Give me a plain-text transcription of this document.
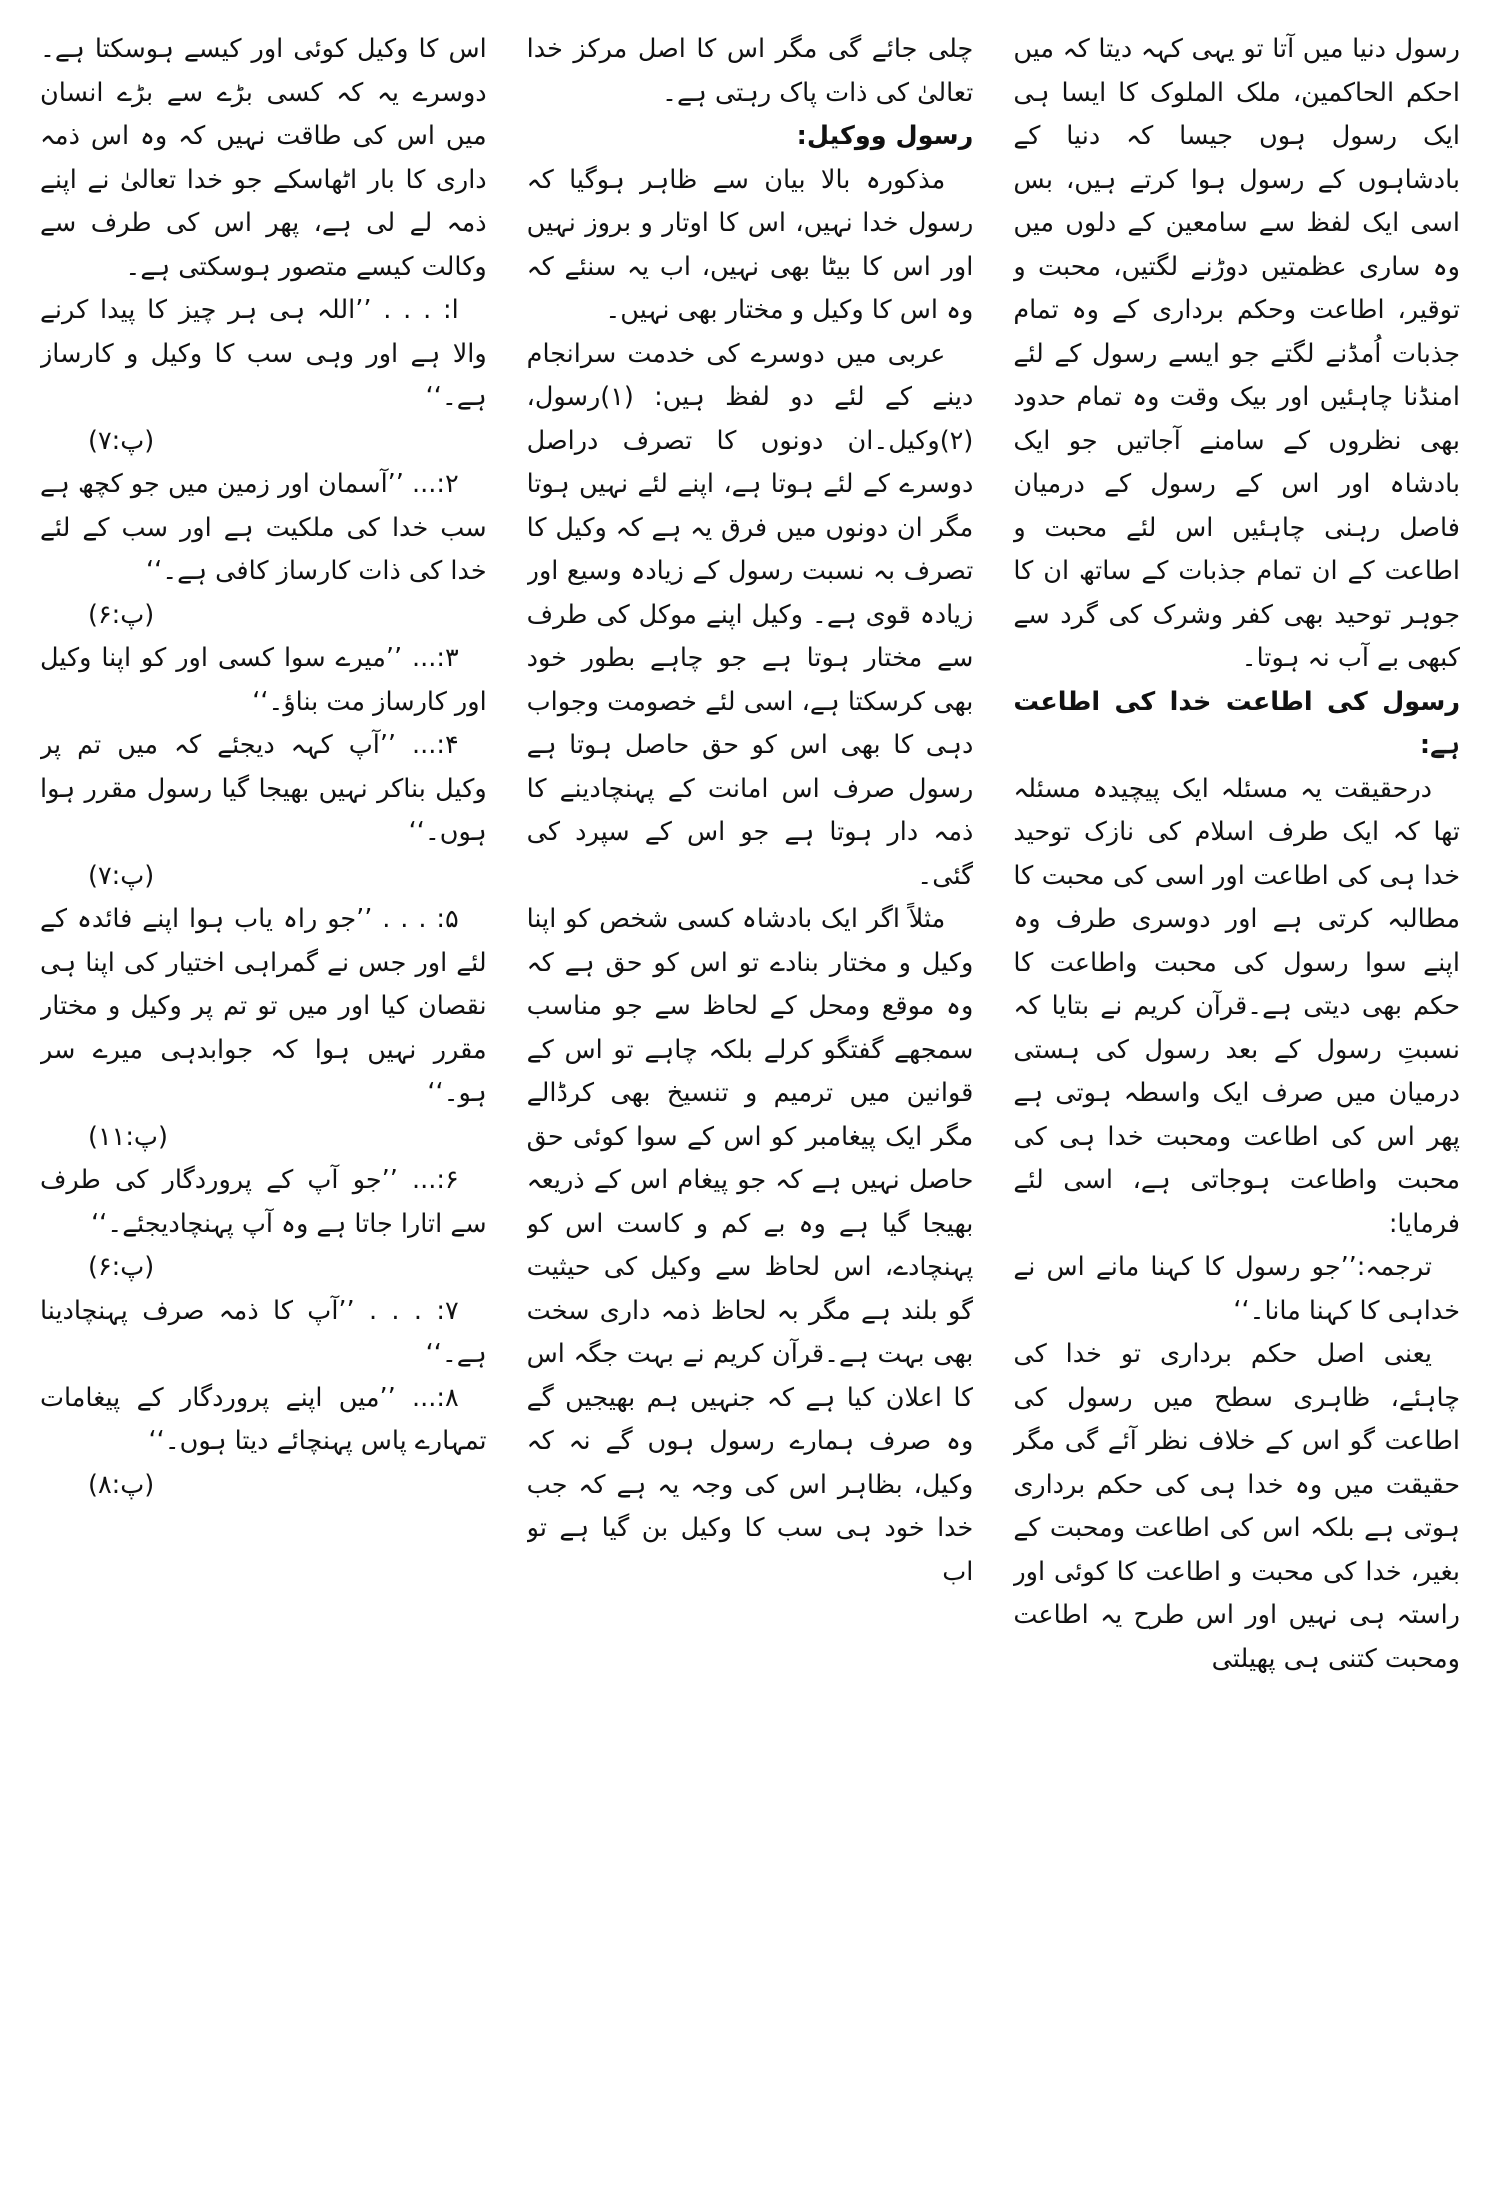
رسول دنیا میں آتا تو یہی کہہ دیتا کہ میں احکم الحاکمین، ملک الملوک کا ایسا ہی ایک رسول ہوں جیسا کہ دنیا کے بادشاہوں کے رسول ہوا کرتے ہیں، بس اسی ایک لفظ سے سامعین کے دلوں میں وہ ساری عظمتیں دوڑنے لگتیں، محبت و توقیر، اطاعت وحکم برداری کے وہ تمام جذبات اُمڈنے لگتے جو ایسے رسول کے لئے امنڈنا چاہئیں اور بیک وقت وہ تمام حدود بھی نظروں کے سامنے آجاتیں جو ایک بادشاہ اور اس کے رسول کے درمیان فاصل رہنی چاہئیں اس لئے محبت و اطاعت کے ان تمام جذبات کے ساتھ ان کا جوہر توحید بھی کفر وشرک کی گرد سے کبھی بے آب نہ ہوتا۔

رسول کی اطاعت خدا کی اطاعت ہے:

درحقیقت یہ مسئلہ ایک پیچیدہ مسئلہ تھا کہ ایک طرف اسلام کی نازک توحید خدا ہی کی اطاعت اور اسی کی محبت کا مطالبہ کرتی ہے اور دوسری طرف وہ اپنے سوا رسول کی محبت واطاعت کا حکم بھی دیتی ہے۔قرآن کریم نے بتایا کہ نسبتِ رسول کے بعد رسول کی ہستی درمیان میں صرف ایک واسطہ ہوتی ہے پھر اس کی اطاعت ومحبت خدا ہی کی محبت واطاعت ہوجاتی ہے، اسی لئے فرمایا:

ترجمہ:’’جو رسول کا کہنا مانے اس نے خداہی کا کہنا مانا۔‘‘

یعنی اصل حکم برداری تو خدا کی چاہئے، ظاہری سطح میں رسول کی اطاعت گو اس کے خلاف نظر آئے گی مگر حقیقت میں وہ خدا ہی کی حکم برداری ہوتی ہے بلکہ اس کی اطاعت ومحبت کے بغیر، خدا کی محبت و اطاعت کا کوئی اور راستہ ہی نہیں اور اس طرح یہ اطاعت ومحبت کتنی ہی پھیلتی

چلی جائے گی مگر اس کا اصل مرکز خدا تعالیٰ کی ذات پاک رہتی ہے۔

رسول ووکیل:

مذکورہ بالا بیان سے ظاہر ہوگیا کہ رسول خدا نہیں، اس کا اوتار و بروز نہیں اور اس کا بیٹا بھی نہیں، اب یہ سنئے کہ وہ اس کا وکیل و مختار بھی نہیں۔

عربی میں دوسرے کی خدمت سرانجام دینے کے لئے دو لفظ ہیں: (۱)رسول، (۲)وکیل۔ان دونوں کا تصرف دراصل دوسرے کے لئے ہوتا ہے، اپنے لئے نہیں ہوتا مگر ان دونوں میں فرق یہ ہے کہ وکیل کا تصرف بہ نسبت رسول کے زیادہ وسیع اور زیادہ قوی ہے۔ وکیل اپنے موکل کی طرف سے مختار ہوتا ہے جو چاہے بطور خود بھی کرسکتا ہے، اسی لئے خصومت وجواب دہی کا بھی اس کو حق حاصل ہوتا ہے رسول صرف اس امانت کے پہنچادینے کا ذمہ دار ہوتا ہے جو اس کے سپرد کی گئی۔

مثلاً اگر ایک بادشاہ کسی شخص کو اپنا وکیل و مختار بنادے تو اس کو حق ہے کہ وہ موقع ومحل کے لحاظ سے جو مناسب سمجھے گفتگو کرلے بلکہ چاہے تو اس کے قوانین میں ترمیم و تنسیخ بھی کرڈالے مگر ایک پیغامبر کو اس کے سوا کوئی حق حاصل نہیں ہے کہ جو پیغام اس کے ذریعہ بھیجا گیا ہے وہ بے کم و کاست اس کو پہنچادے، اس لحاظ سے وکیل کی حیثیت گو بلند ہے مگر بہ لحاظ ذمہ داری سخت بھی بہت ہے۔قرآن کریم نے بہت جگہ اس کا اعلان کیا ہے کہ جنہیں ہم بھیجیں گے وہ صرف ہمارے رسول ہوں گے نہ کہ وکیل، بظاہر اس کی وجہ یہ ہے کہ جب خدا خود ہی سب کا وکیل بن گیا ہے تو اب

اس کا وکیل کوئی اور کیسے ہوسکتا ہے۔ دوسرے یہ کہ کسی بڑے سے بڑے انسان میں اس کی طاقت نہیں کہ وہ اس ذمہ داری کا بار اٹھاسکے جو خدا تعالیٰ نے اپنے ذمہ لے لی ہے، پھر اس کی طرف سے وکالت کیسے متصور ہوسکتی ہے۔

ا: . . . ’’اللہ ہی ہر چیز کا پیدا کرنے والا ہے اور وہی سب کا وکیل و کارساز ہے۔‘‘
(پ:۷)
۲:... ’’آسمان اور زمین میں جو کچھ ہے سب خدا کی ملکیت ہے اور سب کے لئے خدا کی ذات کارساز کافی ہے۔‘‘
(پ:۶)
۳:... ’’میرے سوا کسی اور کو اپنا وکیل اور کارساز مت بناؤ۔‘‘
۴:... ’’آپ کہہ دیجئے کہ میں تم پر وکیل بناکر نہیں بھیجا گیا رسول مقرر ہوا ہوں۔‘‘
(پ:۷)
۵: . . . ’’جو راہ یاب ہوا اپنے فائدہ کے لئے اور جس نے گمراہی اختیار کی اپنا ہی نقصان کیا اور میں تو تم پر وکیل و مختار مقرر نہیں ہوا کہ جوابدہی میرے سر ہو۔‘‘
(پ:۱۱)
۶:... ’’جو آپ کے پروردگار کی طرف سے اتارا جاتا ہے وہ آپ پہنچادیجئے۔‘‘
(پ:۶)
۷: . . . ’’آپ کا ذمہ صرف پہنچادینا ہے۔‘‘
۸:... ’’میں اپنے پروردگار کے پیغامات تمہارے پاس پہنچائے دیتا ہوں۔‘‘
(پ:۸)
